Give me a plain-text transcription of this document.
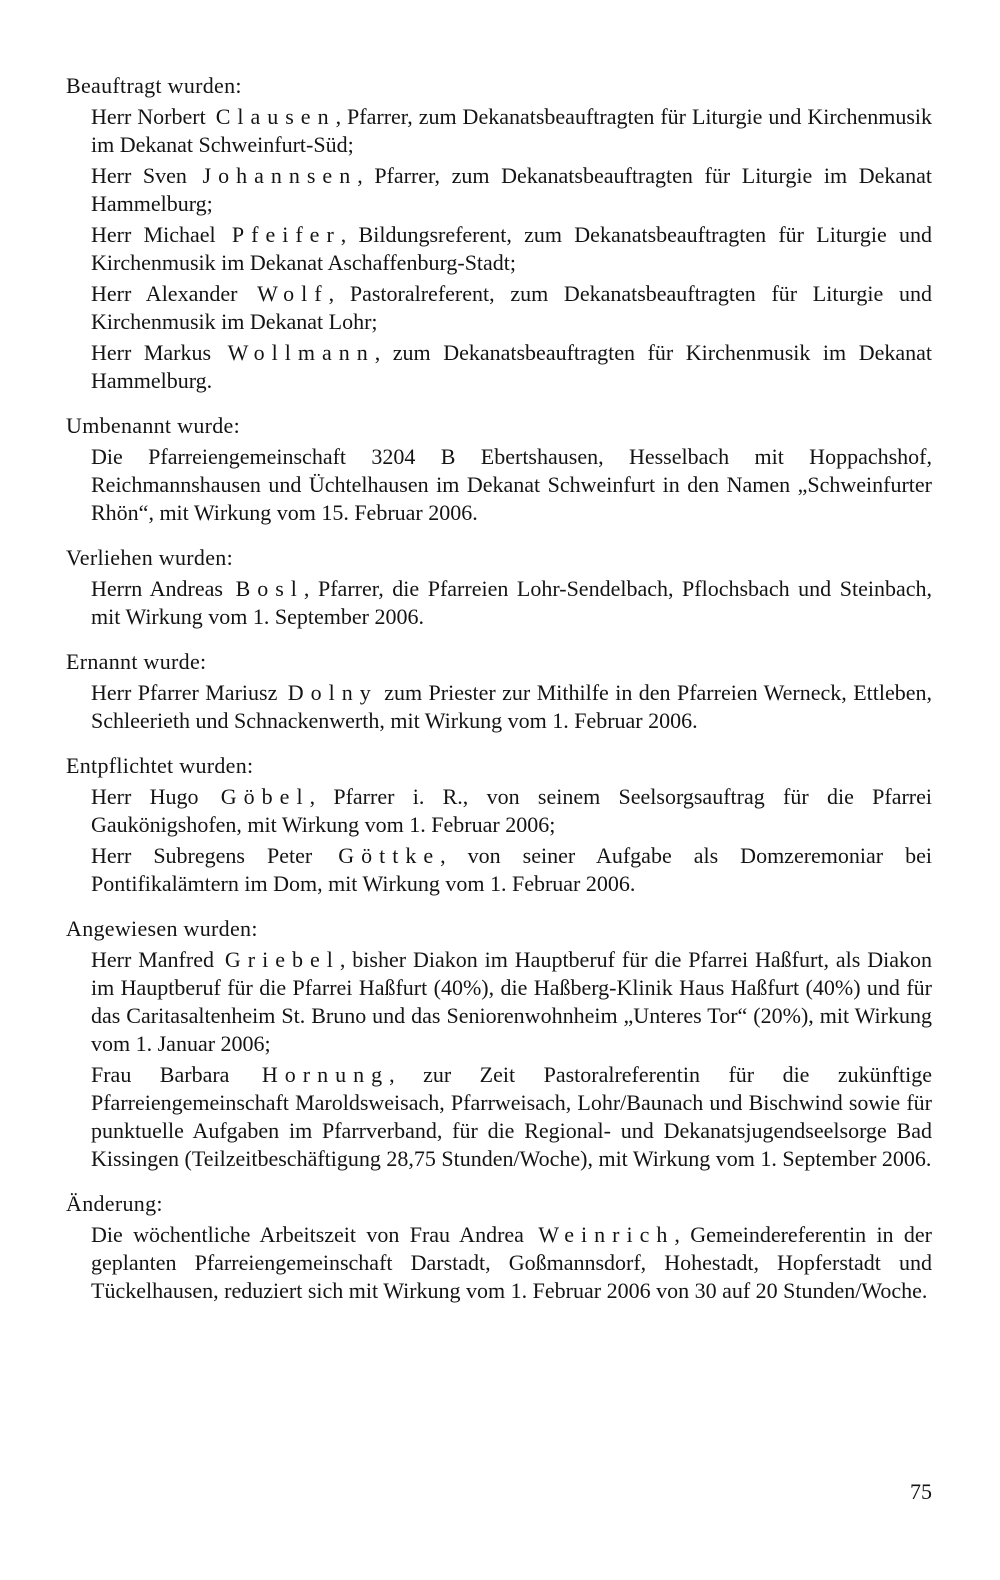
Beauftragt wurden:
Herr Norbert Clausen, Pfarrer, zum Dekanatsbeauftragten für Liturgie und Kirchenmusik im Dekanat Schweinfurt-Süd;
Herr Sven Johannsen, Pfarrer, zum Dekanatsbeauftragten für Liturgie im Dekanat Hammelburg;
Herr Michael Pfeifer, Bildungsreferent, zum Dekanatsbeauftragten für Liturgie und Kirchenmusik im Dekanat Aschaffenburg-Stadt;
Herr Alexander Wolf, Pastoralreferent, zum Dekanatsbeauftragten für Liturgie und Kirchenmusik im Dekanat Lohr;
Herr Markus Wollmann, zum Dekanatsbeauftragten für Kirchenmusik im Dekanat Hammelburg.
Umbenannt wurde:
Die Pfarreiengemeinschaft 3204 B Ebertshausen, Hesselbach mit Hoppachshof, Reichmannshausen und Üchtelhausen im Dekanat Schweinfurt in den Namen „Schweinfurter Rhön“, mit Wirkung vom 15. Februar 2006.
Verliehen wurden:
Herrn Andreas Bosl, Pfarrer, die Pfarreien Lohr-Sendelbach, Pflochsbach und Steinbach, mit Wirkung vom 1. September 2006.
Ernannt wurde:
Herr Pfarrer Mariusz Dolny zum Priester zur Mithilfe in den Pfarreien Werneck, Ettleben, Schleerieth und Schnackenwerth, mit Wirkung vom 1. Februar 2006.
Entpflichtet wurden:
Herr Hugo Göbel, Pfarrer i. R., von seinem Seelsorgsauftrag für die Pfarrei Gaukönigshofen, mit Wirkung vom 1. Februar 2006;
Herr Subregens Peter Göttke, von seiner Aufgabe als Domzeremoniar bei Pontifikalämtern im Dom, mit Wirkung vom 1. Februar 2006.
Angewiesen wurden:
Herr Manfred Griebel, bisher Diakon im Hauptberuf für die Pfarrei Haßfurt, als Diakon im Hauptberuf für die Pfarrei Haßfurt (40%), die Haßberg-Klinik Haus Haßfurt (40%) und für das Caritasaltenheim St. Bruno und das Seniorenwohnheim „Unteres Tor“ (20%), mit Wirkung vom 1. Januar 2006;
Frau Barbara Hornung, zur Zeit Pastoralreferentin für die zukünftige Pfarreiengemeinschaft Maroldsweisach, Pfarrweisach, Lohr/Baunach und Bischwind sowie für punktuelle Aufgaben im Pfarrverband, für die Regional- und Dekanatsjugendseelsorge Bad Kissingen (Teilzeitbeschäftigung 28,75 Stunden/Woche), mit Wirkung vom 1. September 2006.
Änderung:
Die wöchentliche Arbeitszeit von Frau Andrea Weinrich, Gemeindereferentin in der geplanten Pfarreiengemeinschaft Darstadt, Goßmannsdorf, Hohestadt, Hopferstadt und Tückelhausen, reduziert sich mit Wirkung vom 1. Februar 2006 von 30 auf 20 Stunden/Woche.
75
